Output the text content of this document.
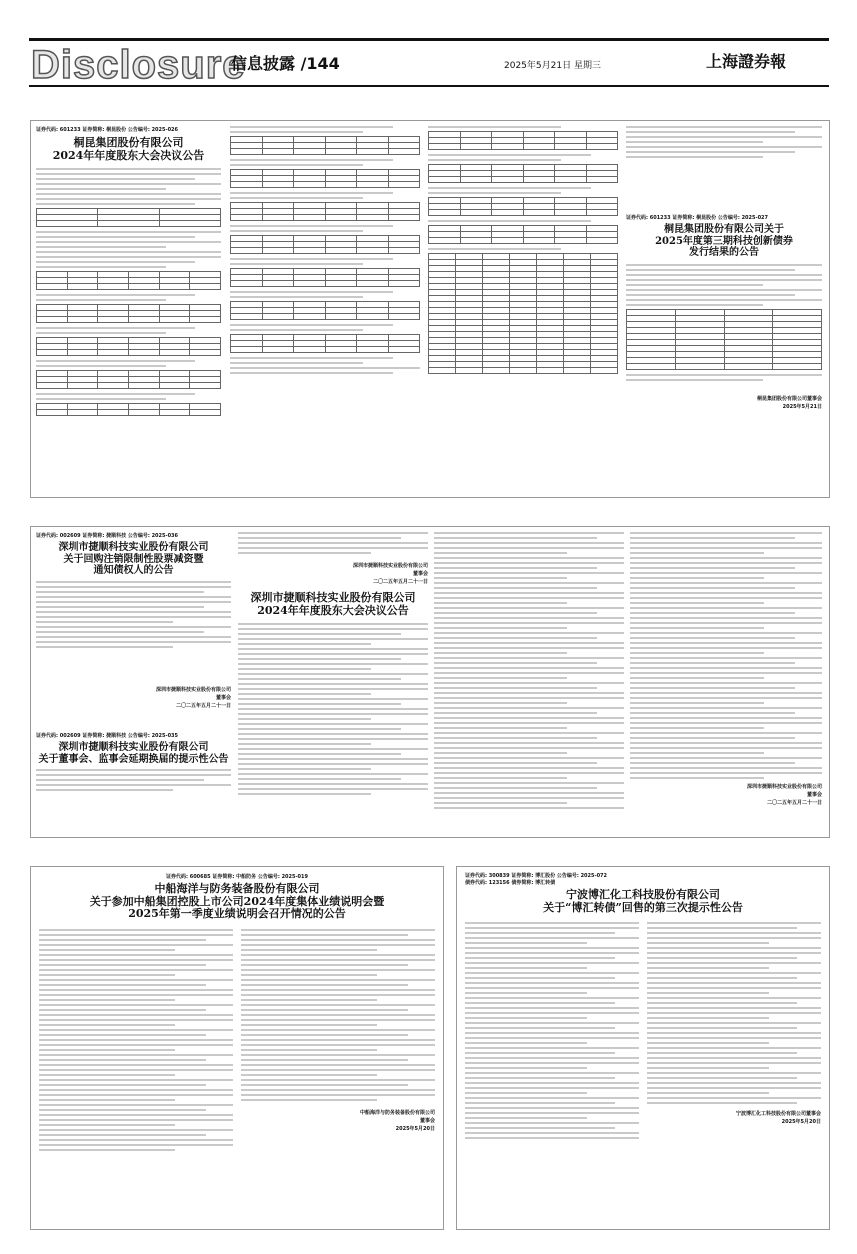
Disclosure
信息披露 /144	2025年5月21日 星期三	上海證券報
证券代码: 601233 证券简称: 桐昆股份 公告编号: 2025-026
桐昆集团股份有限公司
2024年年度股东大会决议公告

证券代码: 601233 证券简称: 桐昆股份 公告编号: 2025-027
桐昆集团股份有限公司关于
2025年度第三期科技创新债券
发行结果的公告

桐昆集团股份有限公司董事会
2025年5月21日
证券代码: 002609 证券简称: 捷顺科技 公告编号: 2025-036
深圳市捷顺科技实业股份有限公司
关于回购注销限制性股票减资暨
通知债权人的公告
深圳市捷顺科技实业股份有限公司
董事会
二〇二五年五月二十一日
证券代码: 002609 证券简称: 捷顺科技 公告编号: 2025-035
深圳市捷顺科技实业股份有限公司
关于董事会、监事会延期换届的提示性公告
深圳市捷顺科技实业股份有限公司
董事会
二〇二五年五月二十一日
深圳市捷顺科技实业股份有限公司
2024年年度股东大会决议公告
深圳市捷顺科技实业股份有限公司
董事会
二〇二五年五月二十一日
证券代码: 600685 证券简称: 中船防务 公告编号: 2025-019
中船海洋与防务装备股份有限公司
关于参加中船集团控股上市公司2024年度集体业绩说明会暨
2025年第一季度业绩说明会召开情况的公告
中船海洋与防务装备股份有限公司
董事会
2025年5月20日
证券代码: 300839 证券简称: 博汇股份 公告编号: 2025-072
债券代码: 123156 债券简称: 博汇转债
宁波博汇化工科技股份有限公司
关于“博汇转债”回售的第三次提示性公告
宁波博汇化工科技股份有限公司董事会
2025年5月20日
